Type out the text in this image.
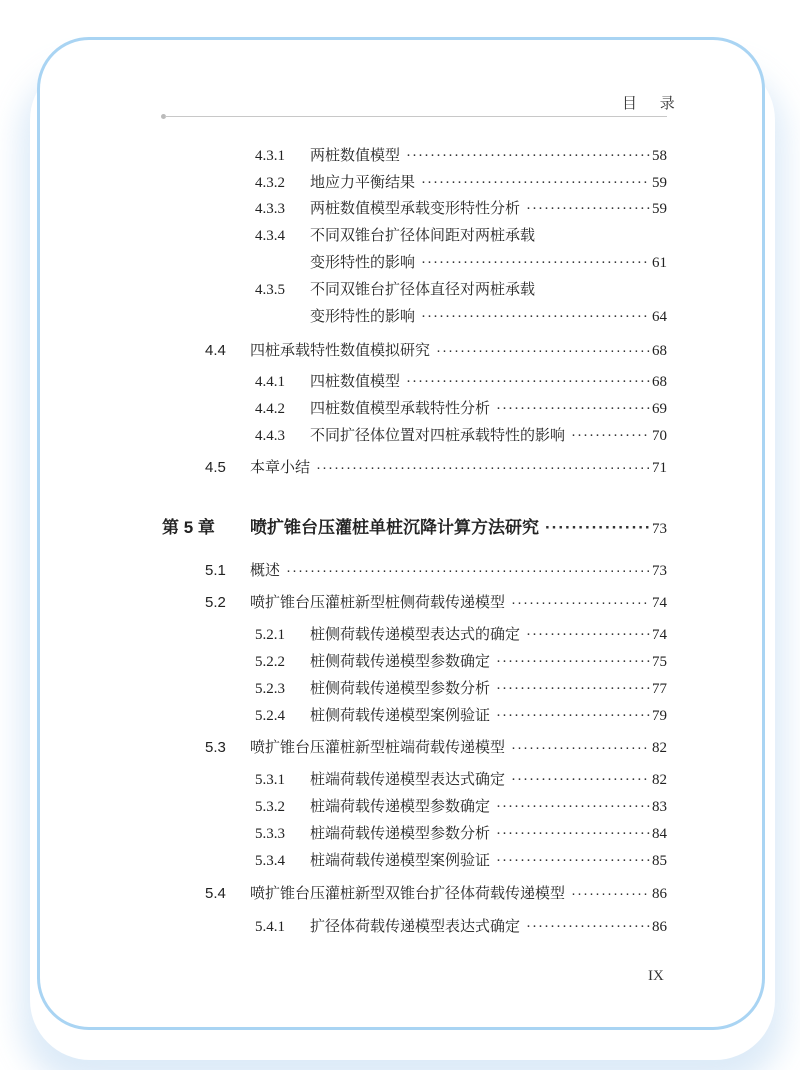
目 录
4.3.1	两桩数值模型 ·····	58
4.3.2	地应力平衡结果 ·····	59
4.3.3	两桩数值模型承载变形特性分析 ·····	59
4.3.4	不同双锥台扩径体间距对两桩承载
变形特性的影响 ·····	61
4.3.5	不同双锥台扩径体直径对两桩承载
变形特性的影响 ·····	64
4.4	四桩承载特性数值模拟研究 ·····	68
4.4.1	四桩数值模型 ·····	68
4.4.2	四桩数值模型承载特性分析 ·····	69
4.4.3	不同扩径体位置对四桩承载特性的影响 ·····	70
4.5	本章小结 ·····	71
第 5 章	喷扩锥台压灌桩单桩沉降计算方法研究 ·····	73
5.1	概述 ·····	73
5.2	喷扩锥台压灌桩新型桩侧荷载传递模型 ·····	74
5.2.1	桩侧荷载传递模型表达式的确定 ·····	74
5.2.2	桩侧荷载传递模型参数确定 ·····	75
5.2.3	桩侧荷载传递模型参数分析 ·····	77
5.2.4	桩侧荷载传递模型案例验证 ·····	79
5.3	喷扩锥台压灌桩新型桩端荷载传递模型 ·····	82
5.3.1	桩端荷载传递模型表达式确定 ·····	82
5.3.2	桩端荷载传递模型参数确定 ·····	83
5.3.3	桩端荷载传递模型参数分析 ·····	84
5.3.4	桩端荷载传递模型案例验证 ·····	85
5.4	喷扩锥台压灌桩新型双锥台扩径体荷载传递模型 ·····	86
5.4.1	扩径体荷载传递模型表达式确定 ·····	86
IX
